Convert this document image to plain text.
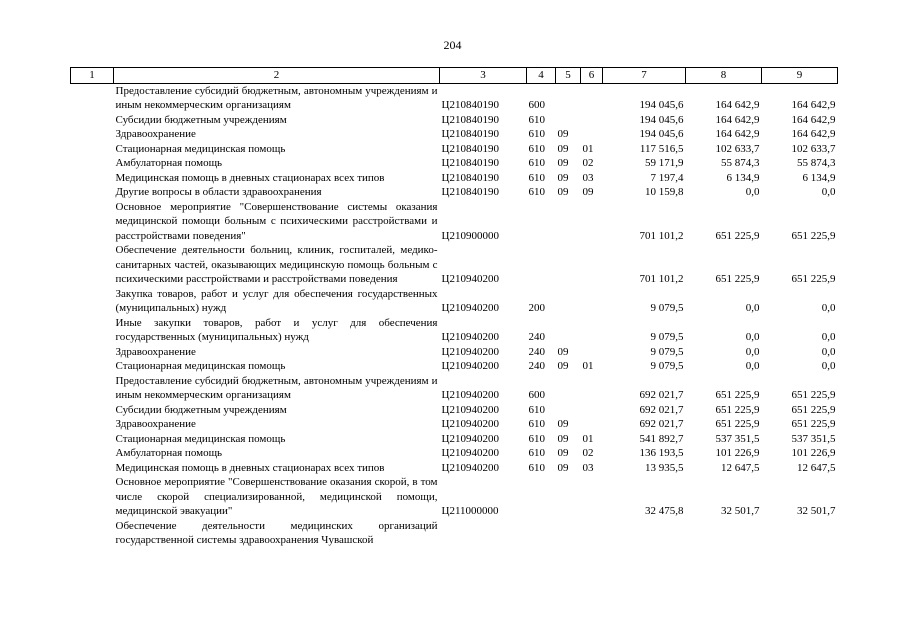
204
1	2	3	4	5	6	7	8	9

	Предоставление субсидий бюджетным, автономным учреждениям и иным некоммерческим организациям	Ц210840190	600			194 045,6	164 642,9	164 642,9

	Субсидии бюджетным учреждениям	Ц210840190	610			194 045,6	164 642,9	164 642,9

	Здравоохранение	Ц210840190	610	09		194 045,6	164 642,9	164 642,9

	Стационарная медицинская помощь	Ц210840190	610	09	01	117 516,5	102 633,7	102 633,7

	Амбулаторная помощь	Ц210840190	610	09	02	59 171,9	55 874,3	55 874,3

	Медицинская помощь в дневных стационарах всех типов	Ц210840190	610	09	03	7 197,4	6 134,9	6 134,9

	Другие вопросы в области здравоохранения	Ц210840190	610	09	09	10 159,8	0,0	0,0

	Основное мероприятие "Совершенствование системы оказания медицинской помощи больным с психическими расстройствами и расстройствами поведения"	Ц210900000				701 101,2	651 225,9	651 225,9

	Обеспечение деятельности больниц, клиник, госпиталей, медико-санитарных частей, оказывающих медицинскую помощь больным с психическими расстройствами и расстройствами поведения	Ц210940200				701 101,2	651 225,9	651 225,9

	Закупка товаров, работ и услуг для обеспечения государственных (муниципальных) нужд	Ц210940200	200			9 079,5	0,0	0,0

	Иные закупки товаров, работ и услуг для обеспечения государственных (муниципальных) нужд	Ц210940200	240			9 079,5	0,0	0,0

	Здравоохранение	Ц210940200	240	09		9 079,5	0,0	0,0

	Стационарная медицинская помощь	Ц210940200	240	09	01	9 079,5	0,0	0,0

	Предоставление субсидий бюджетным, автономным учреждениям и иным некоммерческим организациям	Ц210940200	600			692 021,7	651 225,9	651 225,9

	Субсидии бюджетным учреждениям	Ц210940200	610			692 021,7	651 225,9	651 225,9

	Здравоохранение	Ц210940200	610	09		692 021,7	651 225,9	651 225,9

	Стационарная медицинская помощь	Ц210940200	610	09	01	541 892,7	537 351,5	537 351,5

	Амбулаторная помощь	Ц210940200	610	09	02	136 193,5	101 226,9	101 226,9

	Медицинская помощь в дневных стационарах всех типов	Ц210940200	610	09	03	13 935,5	12 647,5	12 647,5

	Основное мероприятие "Совершенствование оказания скорой, в том числе скорой специализированной, медицинской помощи, медицинской эвакуации"	Ц211000000				32 475,8	32 501,7	32 501,7

	Обеспечение деятельности медицинских организаций государственной системы здравоохранения Чувашской							
